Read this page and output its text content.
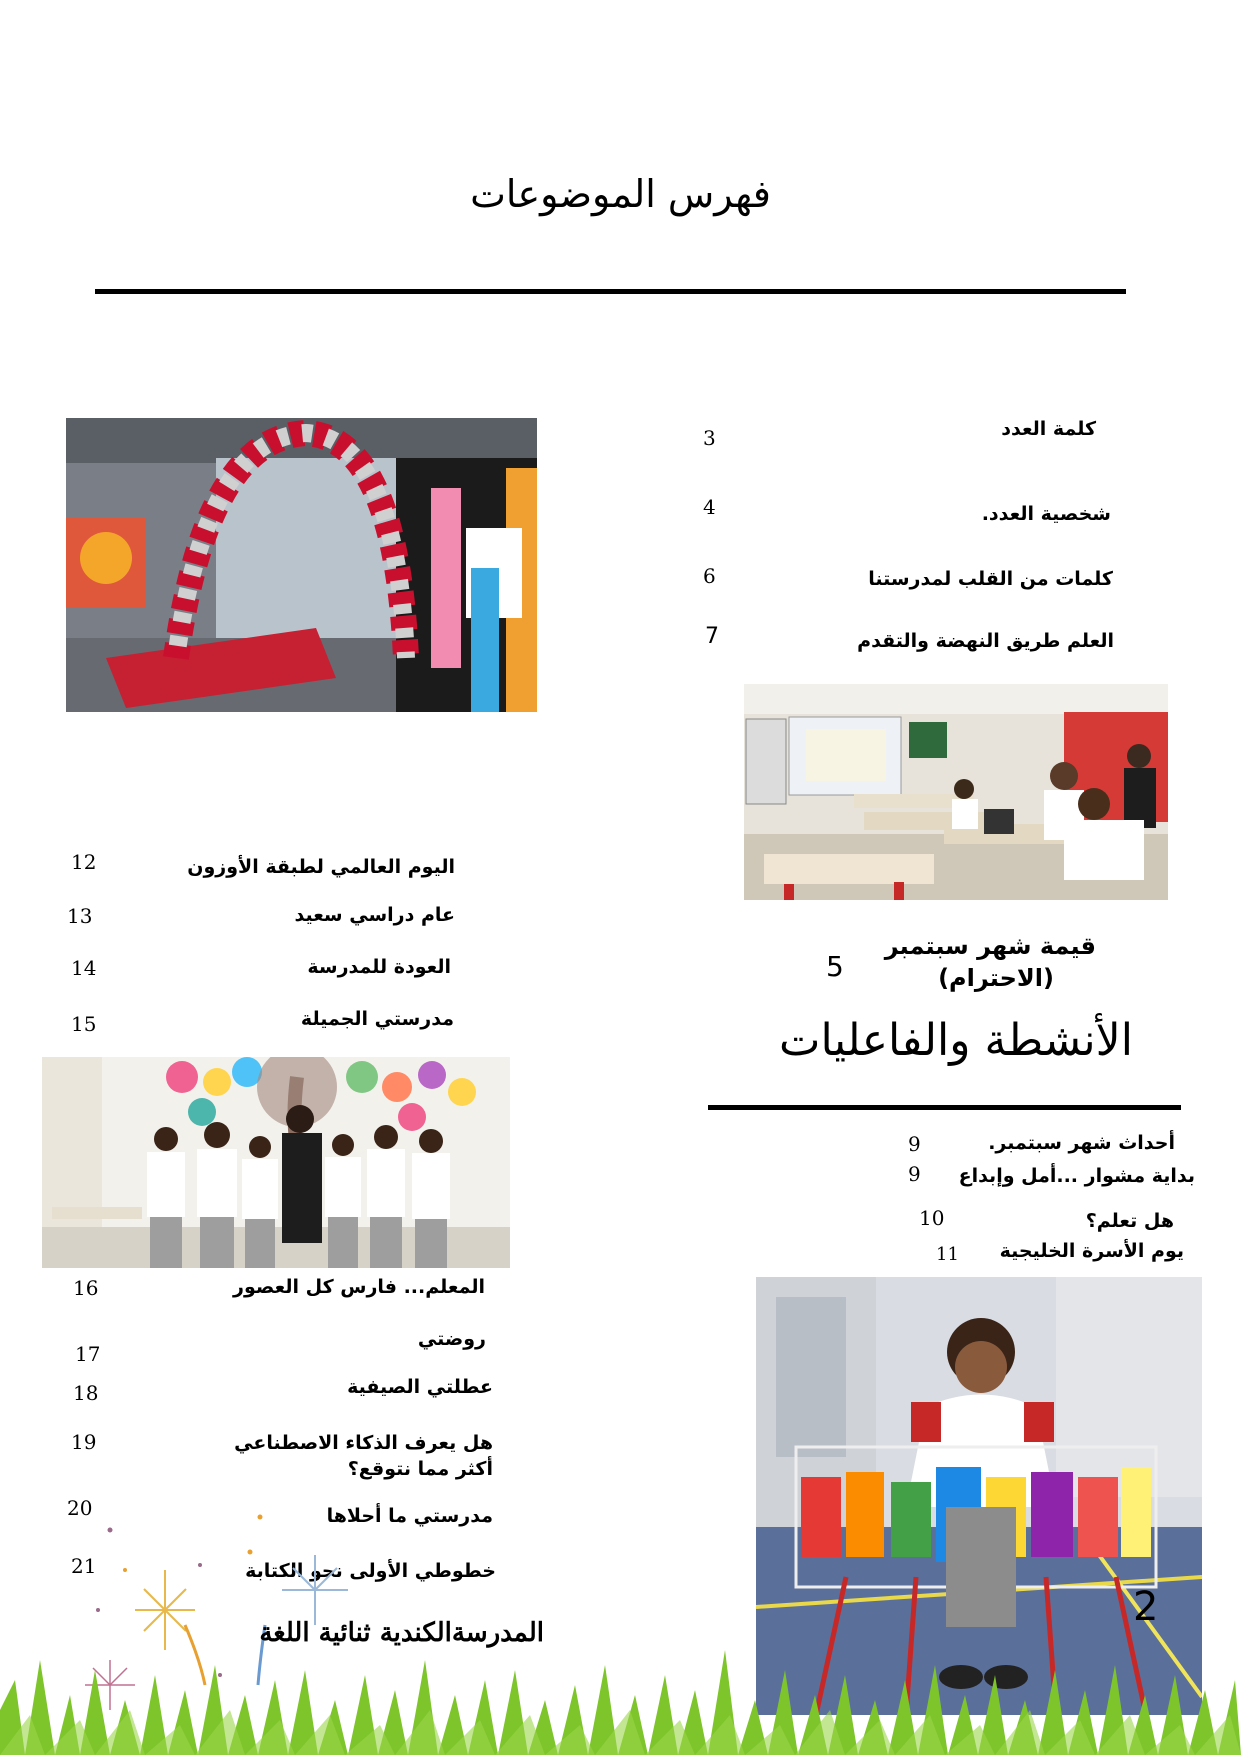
فهرس الموضوعات
كلمة العدد
3
شخصية العدد.
4
كلمات من القلب لمدرستنا
6
العلم طريق النهضة والتقدم
7
قيمة شهر سبتمبر
(الاحترام)
5
الأنشطة والفاعليات
أحداث شهر سبتمبر.
9
بداية مشوار ...أمل وإبداع
9
هل تعلم؟
10
يوم الأسرة الخليجية
11
2
اليوم العالمي لطبقة الأوزون
12
عام دراسي سعيد
13
العودة للمدرسة
14
مدرستي الجميلة
15
المعلم... فارس كل العصور
16
روضتي
17
عطلتي الصيفية
18
هل يعرف الذكاء الاصطناعي
أكثر مما نتوقع؟
19
مدرستي ما أحلاها
20
خطوطي الأولى نحو الكتابة
21
المدرسةالكندية ثنائية اللغة
